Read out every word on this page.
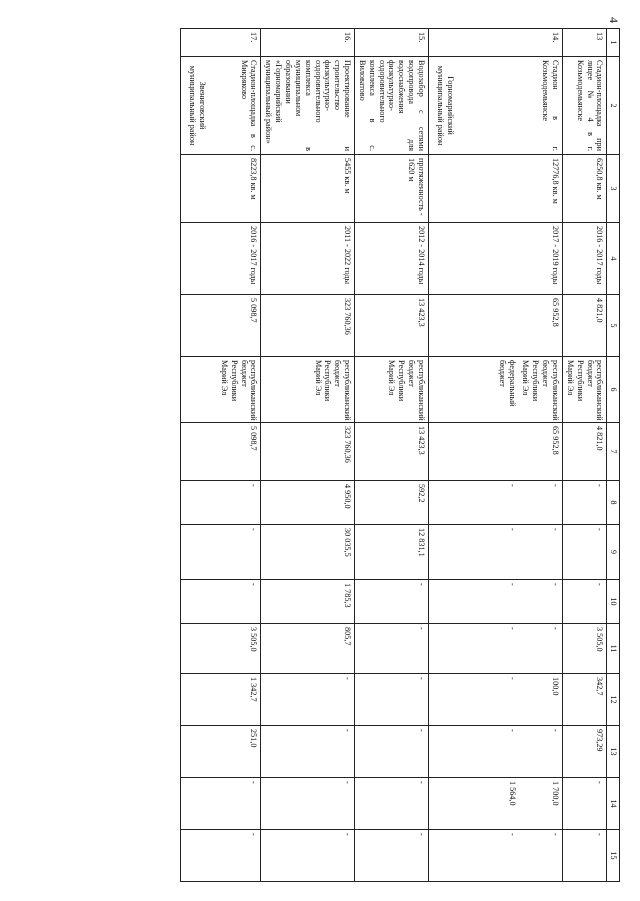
4
1	2	3	4	5	6	7	8	9	10	11	12	13	14	15
13	Стадион-площадка при лицее № 4 в г. Козьмодемьянске	6250,8 кв. м	2016 - 2017 годы	4 821,0	республиканский бюджет Республики Марий Эл	4 821,0	-	-	-	3 505,0	342,7	973,29	-	-
14.	Стадион в г. Козьмодемьянске	12776,8 кв. м	2017 - 2019 годы	65 952,8	республиканский бюджет Республики Марий Эл	65 952,8	-	-	-	-	100,0	-	1 700,0	-
					федеральный бюджет		-	-	-	-	-	-	1 564,0	-
	Горномарийский муниципальный район													
15.	Водозабор с сетями водопровода для водоснабжения физкультурно-оздоровительного комплекса в с. Виловатово	протяженность - 1620 м	2012 - 2014 годы	13 423,3	республиканский бюджет Республики Марий Эл	13 423,3	592,2	12 831,1	-	-	-	-	-	-
16.	Проектирование и строительство физкультурно-оздоровительного комплекса в муниципальном образовании «Горномарийский муниципальный район»	5455 кв. м	2011 - 2022 годы	323 760,36	республиканский бюджет Республики Марий Эл	323 760,36	4 950,0	30 035,5	1 785,3	805,7	-	-	-	-
17.	Стадион-площадка в с. Микряково	8223,8 кв. м	2016 - 2017 годы	5 098,7	республиканский бюджет Республики Марий Эл	5 098,7	-	-	-	3 505,0	1 342,7	251,0	-	-
	Звениговский муниципальный район													
